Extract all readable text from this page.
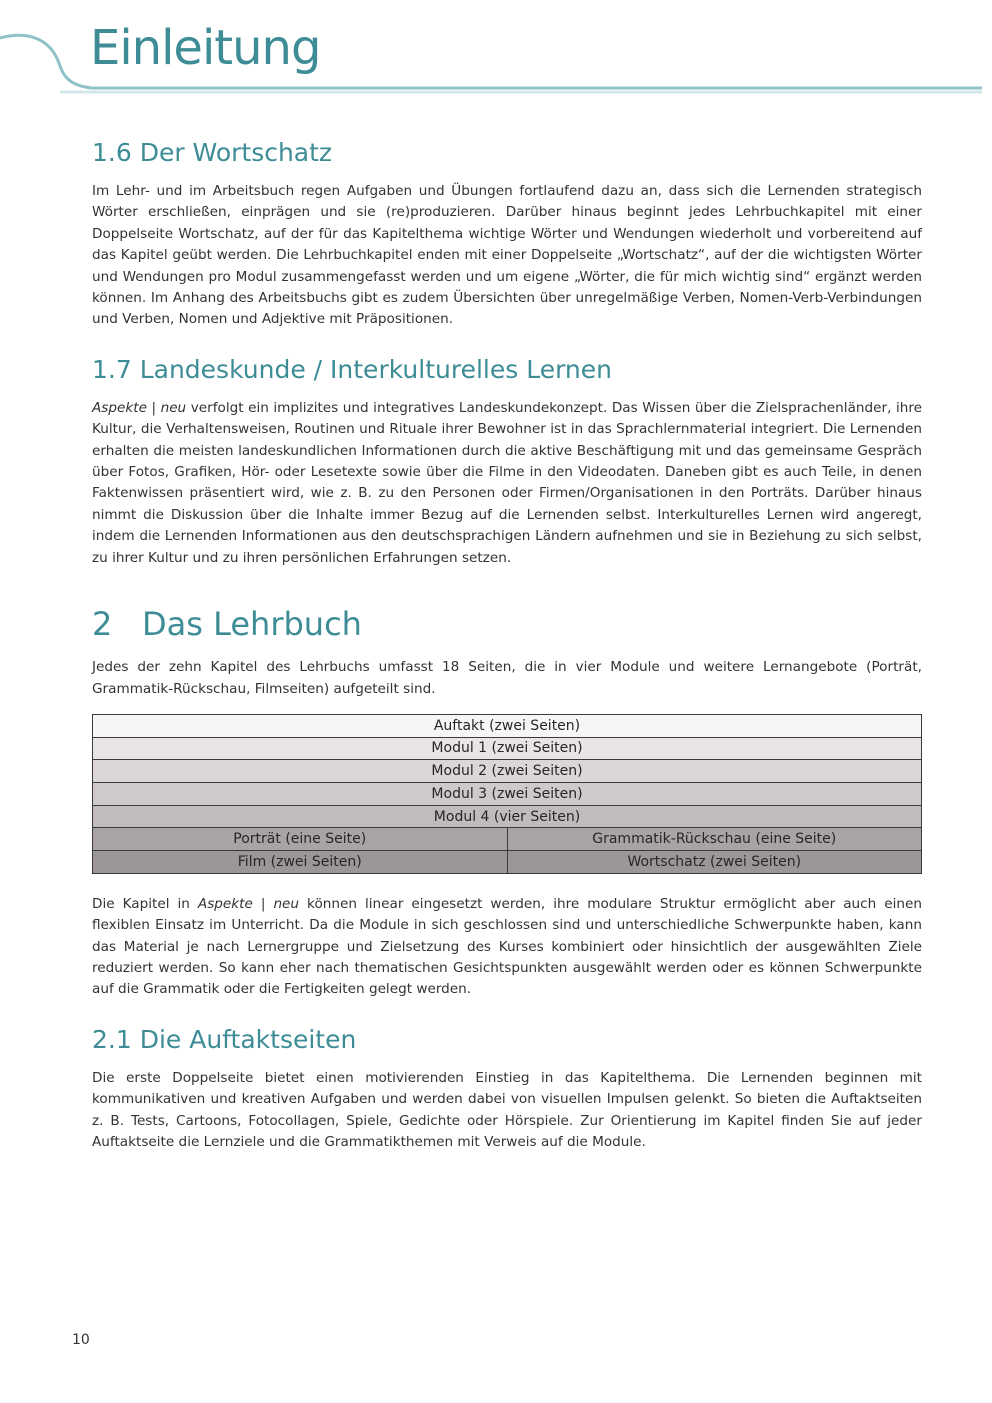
Einleitung
1.6 Der Wortschatz

Im Lehr- und im Arbeitsbuch regen Aufgaben und Übungen fortlaufend dazu an, dass sich die Lernenden strategisch Wörter erschließen, einprägen und sie (re)produzieren. Darüber hinaus beginnt jedes Lehrbuchkapitel mit einer Doppelseite Wortschatz, auf der für das Kapitelthema wichtige Wörter und Wendungen wiederholt und vorbereitend auf das Kapitel geübt werden. Die Lehrbuchkapitel enden mit einer Doppelseite „Wortschatz“, auf der die wichtigsten Wörter und Wendungen pro Modul zusammengefasst werden und um eigene „Wörter, die für mich wichtig sind“ ergänzt werden können. Im Anhang des Arbeitsbuchs gibt es zudem Übersichten über unregelmäßige Verben, Nomen-Verb-Verbindungen und Verben, Nomen und Adjektive mit Präpositionen.

1.7 Landeskunde / Interkulturelles Lernen

Aspekte | neu verfolgt ein implizites und integratives Landeskundekonzept. Das Wissen über die Zielsprachenländer, ihre Kultur, die Verhaltensweisen, Routinen und Rituale ihrer Bewohner ist in das Sprachlernmaterial integriert. Die Lernenden erhalten die meisten landeskundlichen Informationen durch die aktive Beschäftigung mit und das gemeinsame Gespräch über Fotos, Grafiken, Hör- oder Lesetexte sowie über die Filme in den Videodaten. Daneben gibt es auch Teile, in denen Faktenwissen präsentiert wird, wie z. B. zu den Personen oder Firmen/Organisationen in den Porträts. Darüber hinaus nimmt die Diskussion über die Inhalte immer Bezug auf die Lernenden selbst. Interkulturelles Lernen wird angeregt, indem die Lernenden Informationen aus den deutschsprachigen Ländern aufnehmen und sie in Beziehung zu sich selbst, zu ihrer Kultur und zu ihren persönlichen Erfahrungen setzen.

2 Das Lehrbuch

Jedes der zehn Kapitel des Lehrbuchs umfasst 18 Seiten, die in vier Module und weitere Lernangebote (Porträt, Grammatik-Rückschau, Filmseiten) aufgeteilt sind.

Auftakt (zwei Seiten)	
Modul 1 (zwei Seiten)	
Modul 2 (zwei Seiten)	
Modul 3 (zwei Seiten)	
Modul 4 (vier Seiten)	
Porträt (eine Seite)	Grammatik-Rückschau (eine Seite)
Film (zwei Seiten)	Wortschatz (zwei Seiten)

Die Kapitel in Aspekte | neu können linear eingesetzt werden, ihre modulare Struktur ermöglicht aber auch einen flexiblen Einsatz im Unterricht. Da die Module in sich geschlossen sind und unterschiedliche Schwerpunkte haben, kann das Material je nach Lernergruppe und Zielsetzung des Kurses kombiniert oder hinsichtlich der ausgewählten Ziele reduziert werden. So kann eher nach thematischen Gesichtspunkten ausgewählt werden oder es können Schwerpunkte auf die Grammatik oder die Fertigkeiten gelegt werden.

2.1 Die Auftaktseiten

Die erste Doppelseite bietet einen motivierenden Einstieg in das Kapitelthema. Die Lernenden beginnen mit kommunikativen und kreativen Aufgaben und werden dabei von visuellen Impulsen gelenkt. So bieten die Auftaktseiten z. B. Tests, Cartoons, Fotocollagen, Spiele, Gedichte oder Hörspiele. Zur Orientierung im Kapitel finden Sie auf jeder Auftaktseite die Lernziele und die Grammatikthemen mit Verweis auf die Module.

10
